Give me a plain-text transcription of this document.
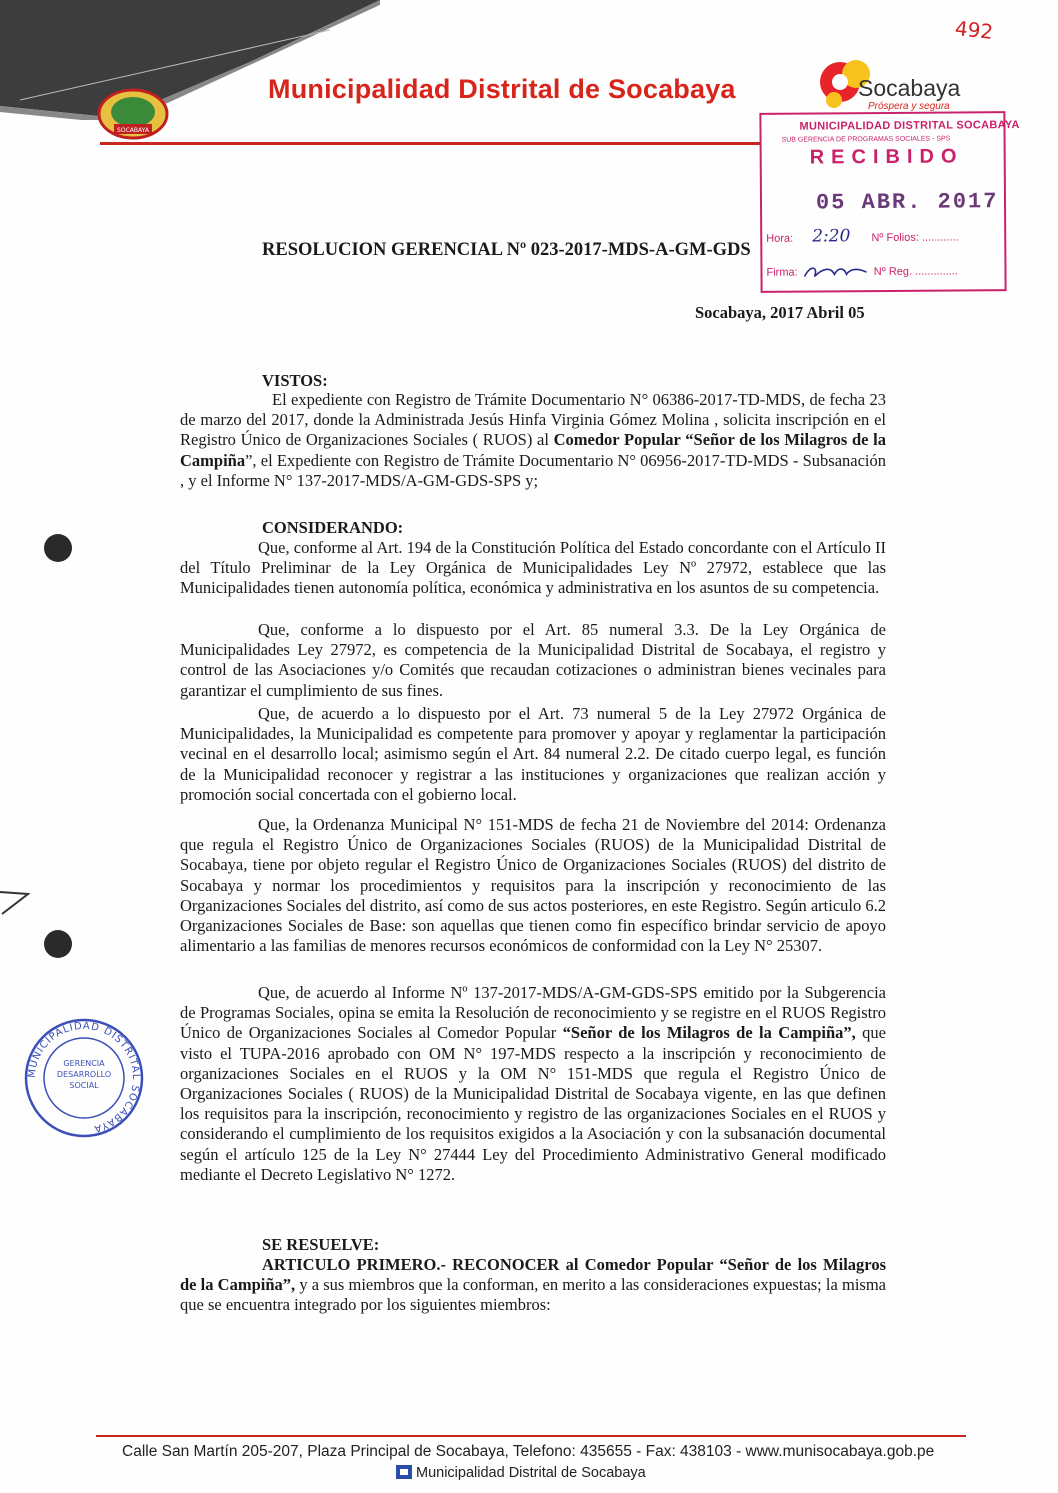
SOCABAYA
Municipalidad Distrital de Socabaya	Socabaya
Próspera y segura
492
MUNICIPALIDAD DISTRITAL SOCABAYA
SUB GERENCIA DE PROGRAMAS SOCIALES - SPS
RECIBIDO
05 ABR. 2017
Hora: 2:20 Nº Folios: ............
Firma:	Nº Reg. ..............
RESOLUCION GERENCIAL Nº 023-2017-MDS-A-GM-GDS
Socabaya, 2017 Abril 05
VISTOS:
El expediente con Registro de Trámite Documentario N° 06386-2017-TD-MDS, de fecha 23 de marzo del 2017, donde la Administrada Jesús Hinfa Virginia Gómez Molina , solicita inscripción en el Registro Único de Organizaciones Sociales ( RUOS) al Comedor Popular “Señor de los Milagros de la Campiña”, el Expediente con Registro de Trámite Documentario N° 06956-2017-TD-MDS - Subsanación , y el Informe N° 137-2017-MDS/A-GM-GDS-SPS y;
CONSIDERANDO:
Que, conforme al Art. 194 de la Constitución Política del Estado concordante con el Artículo II del Título Preliminar de la Ley Orgánica de Municipalidades Ley Nº 27972, establece que las Municipalidades tienen autonomía política, económica y administrativa en los asuntos de su competencia.
Que, conforme a lo dispuesto por el Art. 85 numeral 3.3. De la Ley Orgánica de Municipalidades Ley 27972, es competencia de la Municipalidad Distrital de Socabaya, el registro y control de las Asociaciones y/o Comités que recaudan cotizaciones o administran bienes vecinales para garantizar el cumplimiento de sus fines.
Que, de acuerdo a lo dispuesto por el Art. 73 numeral 5 de la Ley 27972 Orgánica de Municipalidades, la Municipalidad es competente para promover y apoyar y reglamentar la participación vecinal en el desarrollo local; asimismo según el Art. 84 numeral 2.2. De citado cuerpo legal, es función de la Municipalidad reconocer y registrar a las instituciones y organizaciones que realizan acción y promoción social concertada con el gobierno local.
Que, la Ordenanza Municipal N° 151-MDS de fecha 21 de Noviembre del 2014: Ordenanza que regula el Registro Único de Organizaciones Sociales (RUOS) de la Municipalidad Distrital de Socabaya, tiene por objeto regular el Registro Único de Organizaciones Sociales (RUOS) del distrito de Socabaya y normar los procedimientos y requisitos para la inscripción y reconocimiento de las Organizaciones Sociales del distrito, así como de sus actos posteriores, en este Registro. Según articulo 6.2 Organizaciones Sociales de Base: son aquellas que tienen como fin específico brindar servicio de apoyo alimentario a las familias de menores recursos económicos de conformidad con la Ley N° 25307.
Que, de acuerdo al Informe Nº 137-2017-MDS/A-GM-GDS-SPS emitido por la Subgerencia de Programas Sociales, opina se emita la Resolución de reconocimiento y se registre en el RUOS Registro Único de Organizaciones Sociales al Comedor Popular “Señor de los Milagros de la Campiña”, que visto el TUPA-2016 aprobado con OM N° 197-MDS respecto a la inscripción y reconocimiento de organizaciones Sociales en el RUOS y la OM N° 151-MDS que regula el Registro Único de Organizaciones Sociales ( RUOS) de la Municipalidad Distrital de Socabaya vigente, en las que definen los requisitos para la inscripción, reconocimiento y registro de las organizaciones Sociales en el RUOS y considerando el cumplimiento de los requisitos exigidos a la Asociación y con la subsanación documental según el artículo 125 de la Ley N° 27444 Ley del Procedimiento Administrativo General modificado mediante el Decreto Legislativo N° 1272.
SE RESUELVE:
ARTICULO PRIMERO.- RECONOCER al Comedor Popular “Señor de los Milagros de la Campiña”, y a sus miembros que la conforman, en merito a las consideraciones expuestas; la misma que se encuentra integrado por los siguientes miembros:
MUNICIPALIDAD DISTRITAL SOCABAYA
GERENCIA DESARROLLO SOCIAL
Calle San Martín 205-207, Plaza Principal de Socabaya, Telefono: 435655 - Fax: 438103 - www.munisocabaya.gob.pe
Municipalidad Distrital de Socabaya
